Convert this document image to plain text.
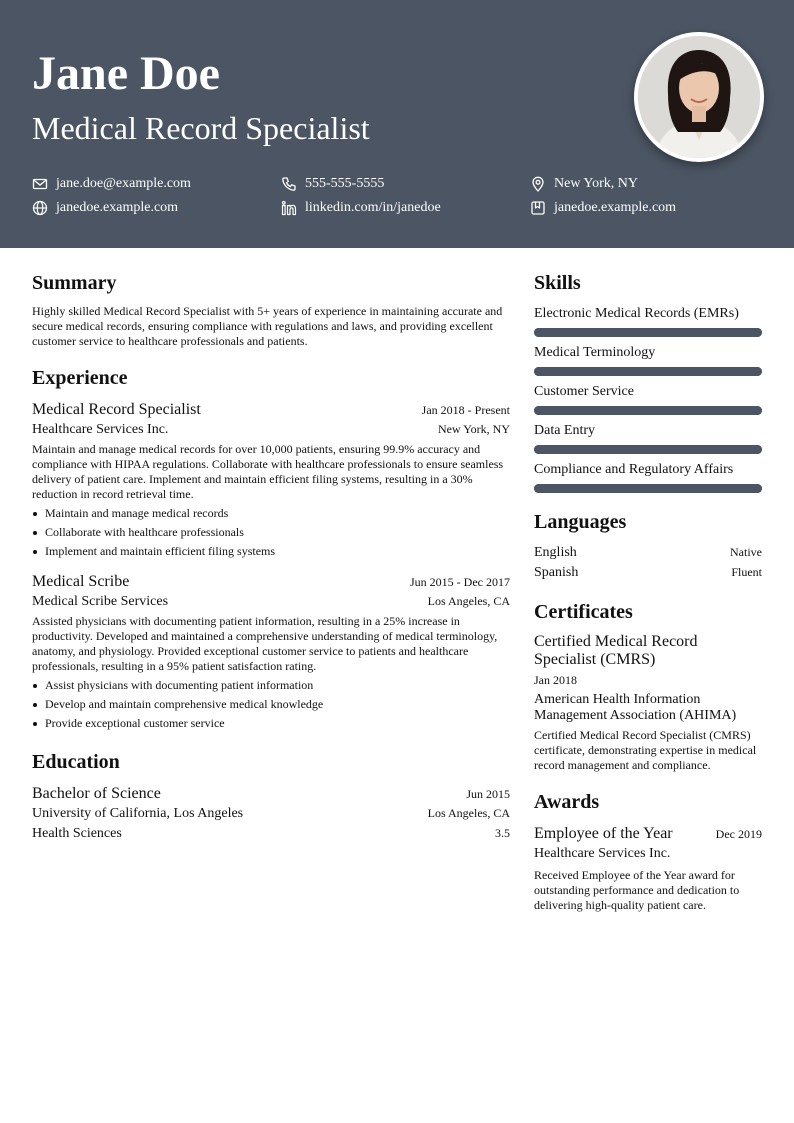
Jane Doe
Medical Record Specialist
jane.doe@example.com	555-555-5555	New York, NY
janedoe.example.com	linkedin.com/in/janedoe	janedoe.example.com
Summary
Highly skilled Medical Record Specialist with 5+ years of experience in maintaining accurate and secure medical records, ensuring compliance with regulations and laws, and providing excellent customer service to healthcare professionals and patients.
Experience
Medical Record Specialist	Jan 2018 - Present
Healthcare Services Inc.	New York, NY
Maintain and manage medical records for over 10,000 patients, ensuring 99.9% accuracy and compliance with HIPAA regulations. Collaborate with healthcare professionals to ensure seamless delivery of patient care. Implement and maintain efficient filing systems, resulting in a 30% reduction in record retrieval time.
Maintain and manage medical records
Collaborate with healthcare professionals
Implement and maintain efficient filing systems
Medical Scribe	Jun 2015 - Dec 2017
Medical Scribe Services	Los Angeles, CA
Assisted physicians with documenting patient information, resulting in a 25% increase in productivity. Developed and maintained a comprehensive understanding of medical terminology, anatomy, and physiology. Provided exceptional customer service to patients and healthcare professionals, resulting in a 95% patient satisfaction rating.
Assist physicians with documenting patient information
Develop and maintain comprehensive medical knowledge
Provide exceptional customer service
Education
Bachelor of Science	Jun 2015
University of California, Los Angeles	Los Angeles, CA
Health Sciences	3.5
Skills
Electronic Medical Records (EMRs)
Medical Terminology
Customer Service
Data Entry
Compliance and Regulatory Affairs
Languages
English	Native
Spanish	Fluent
Certificates
Certified Medical Record Specialist (CMRS)
Jan 2018
American Health Information Management Association (AHIMA)
Certified Medical Record Specialist (CMRS) certificate, demonstrating expertise in medical record management and compliance.
Awards
Employee of the Year	Dec 2019
Healthcare Services Inc.
Received Employee of the Year award for outstanding performance and dedication to delivering high-quality patient care.
